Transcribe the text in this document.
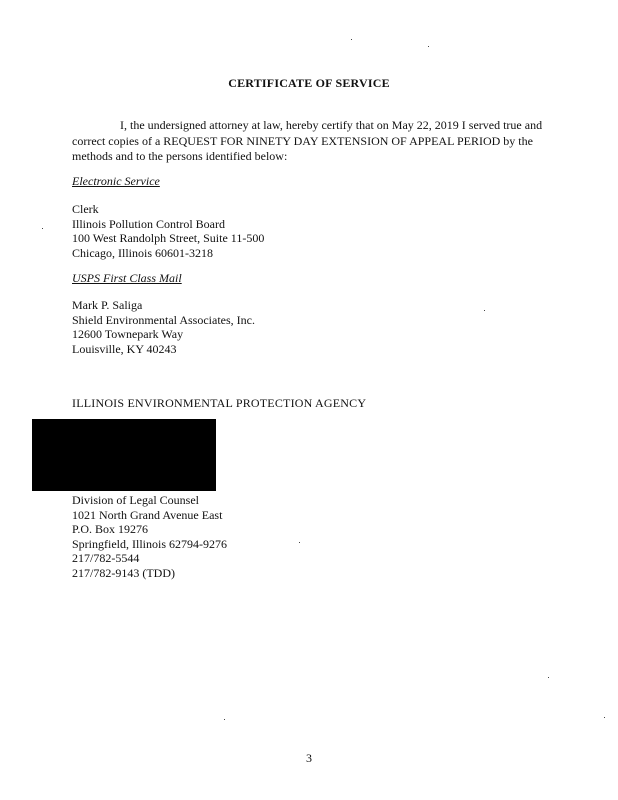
CERTIFICATE OF SERVICE
I, the undersigned attorney at law, hereby certify that on May 22, 2019 I served true and correct copies of a REQUEST FOR NINETY DAY EXTENSION OF APPEAL PERIOD by the methods and to the persons identified below:
Electronic Service
Clerk
Illinois Pollution Control Board
100 West Randolph Street, Suite 11-500
Chicago, Illinois 60601-3218
USPS First Class Mail
Mark P. Saliga
Shield Environmental Associates, Inc.
12600 Townepark Way
Louisville, KY 40243
ILLINOIS ENVIRONMENTAL PROTECTION AGENCY
Division of Legal Counsel
1021 North Grand Avenue East
P.O. Box 19276
Springfield, Illinois 62794-9276
217/782-5544
217/782-9143 (TDD)
3
